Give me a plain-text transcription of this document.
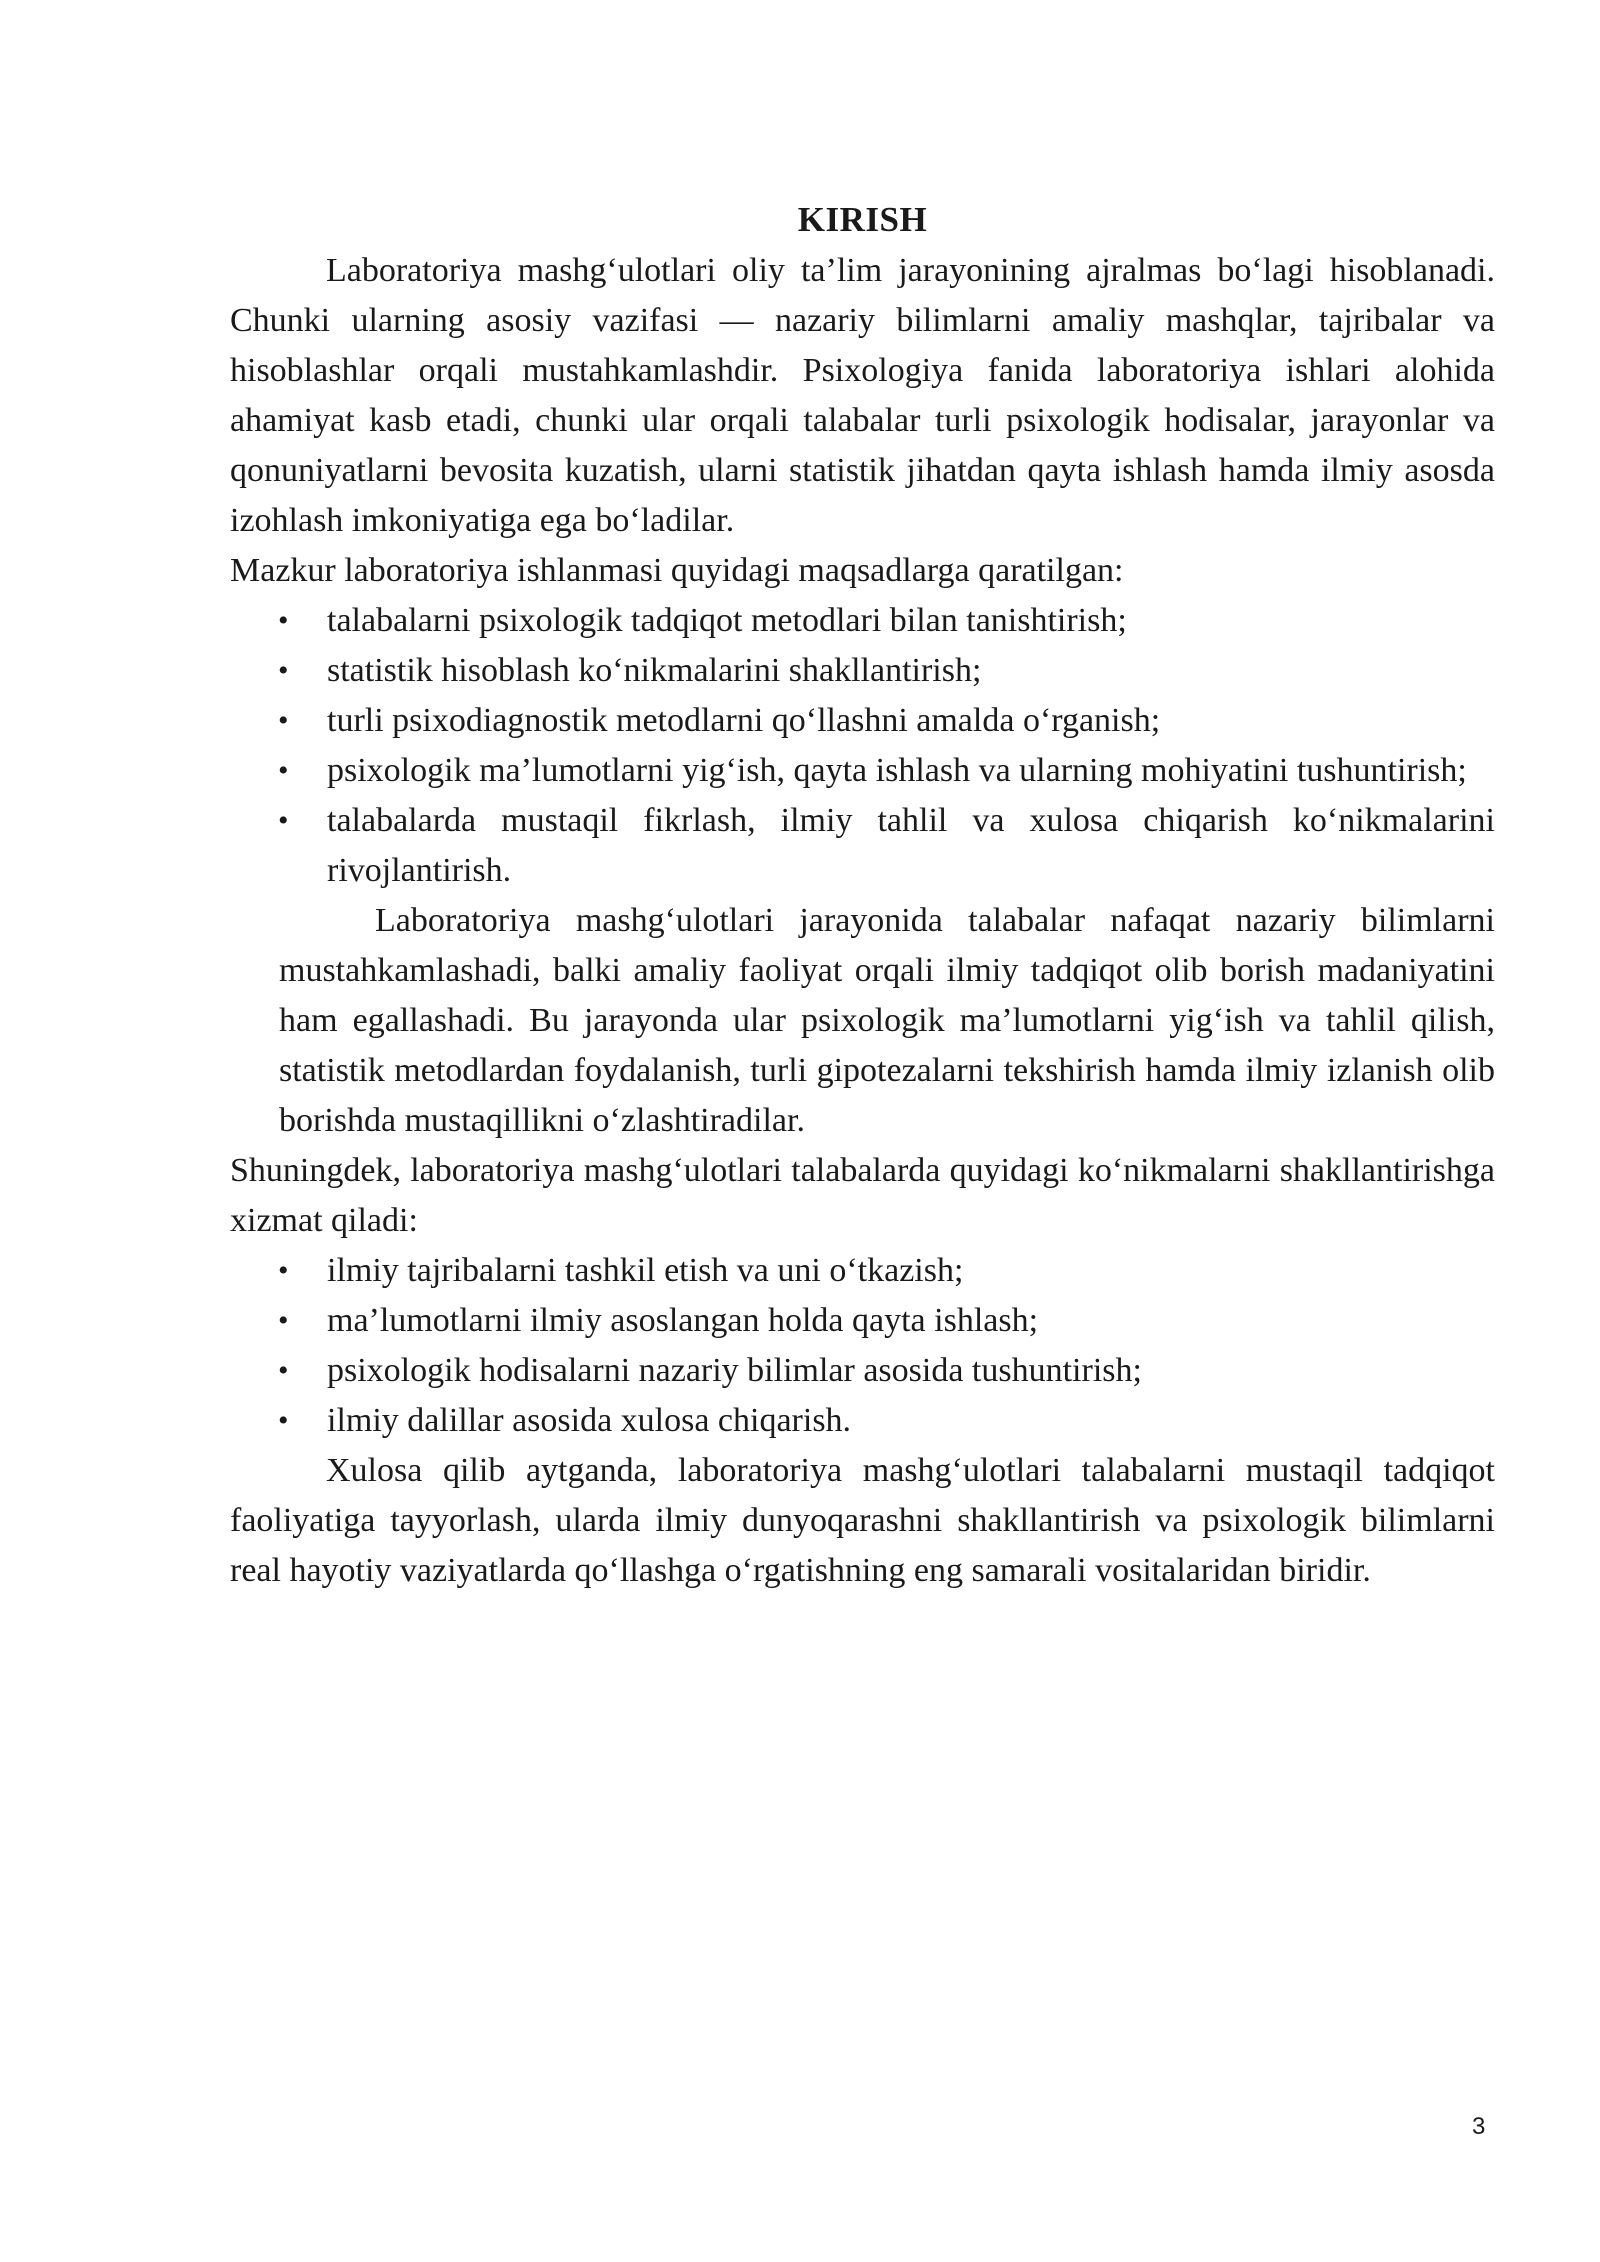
KIRISH

Laboratoriya mashg‘ulotlari oliy ta’lim jarayonining ajralmas bo‘lagi hisoblanadi. Chunki ularning asosiy vazifasi — nazariy bilimlarni amaliy mashqlar, tajribalar va hisoblashlar orqali mustahkamlashdir. Psixologiya fanida laboratoriya ishlari alohida ahamiyat kasb etadi, chunki ular orqali talabalar turli psixologik hodisalar, jarayonlar va qonuniyatlarni bevosita kuzatish, ularni statistik jihatdan qayta ishlash hamda ilmiy asosda izohlash imkoniyatiga ega bo‘ladilar.

Mazkur laboratoriya ishlanmasi quyidagi maqsadlarga qaratilgan:

• talabalarni psixologik tadqiqot metodlari bilan tanishtirish;
• statistik hisoblash ko‘nikmalarini shakllantirish;
• turli psixodiagnostik metodlarni qo‘llashni amalda o‘rganish;
• psixologik ma’lumotlarni yig‘ish, qayta ishlash va ularning mohiyatini tushuntirish;
• talabalarda mustaqil fikrlash, ilmiy tahlil va xulosa chiqarish ko‘nikmalarini rivojlantirish.

Laboratoriya mashg‘ulotlari jarayonida talabalar nafaqat nazariy bilimlarni mustahkamlashadi, balki amaliy faoliyat orqali ilmiy tadqiqot olib borish madaniyatini ham egallashadi. Bu jarayonda ular psixologik ma’lumotlarni yig‘ish va tahlil qilish, statistik metodlardan foydalanish, turli gipotezalarni tekshirish hamda ilmiy izlanish olib borishda mustaqillikni o‘zlashtiradilar.

Shuningdek, laboratoriya mashg‘ulotlari talabalarda quyidagi ko‘nikmalarni shakllantirishga xizmat qiladi:

• ilmiy tajribalarni tashkil etish va uni o‘tkazish;
• ma’lumotlarni ilmiy asoslangan holda qayta ishlash;
• psixologik hodisalarni nazariy bilimlar asosida tushuntirish;
• ilmiy dalillar asosida xulosa chiqarish.

Xulosa qilib aytganda, laboratoriya mashg‘ulotlari talabalarni mustaqil tadqiqot faoliyatiga tayyorlash, ularda ilmiy dunyoqarashni shakllantirish va psixologik bilimlarni real hayotiy vaziyatlarda qo‘llashga o‘rgatishning eng samarali vositalaridan biridir.

3
